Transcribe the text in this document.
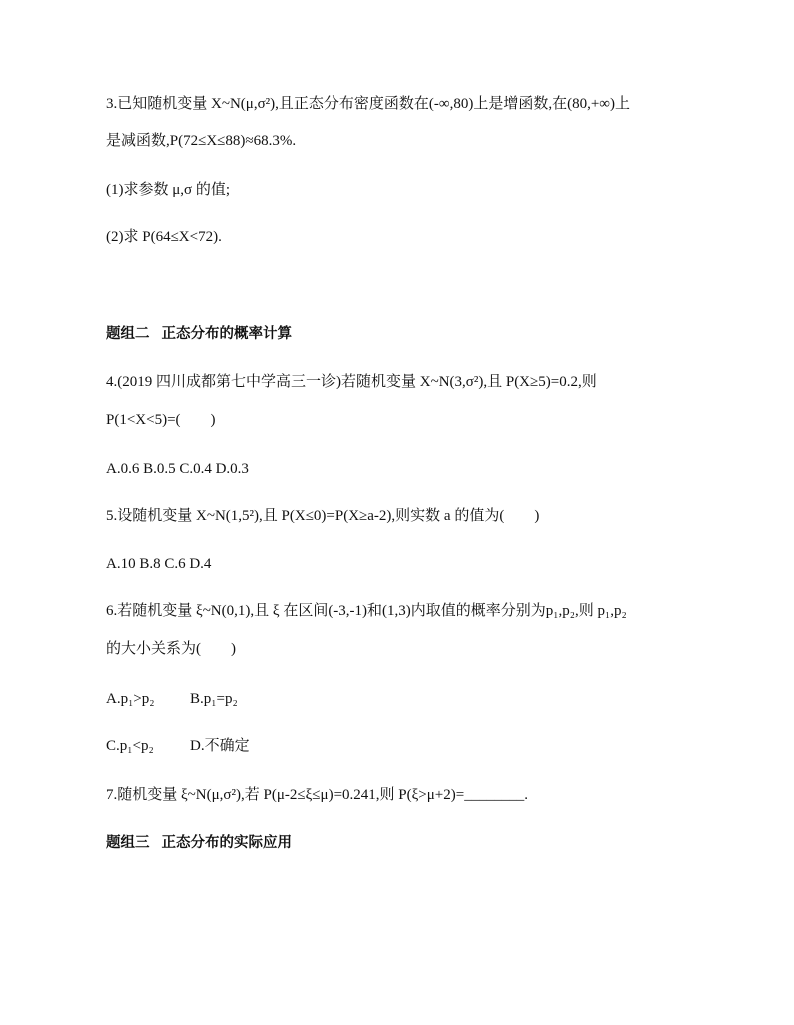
3.已知随机变量 X~N(μ,σ²),且正态分布密度函数在(-∞,80)上是增函数,在(80,+∞)上
是减函数,P(72≤X≤88)≈68.3%.
(1)求参数 μ,σ 的值;
(2)求 P(64≤X<72).
题组二 正态分布的概率计算
4.(2019 四川成都第七中学高三一诊)若随机变量 X~N(3,σ²),且 P(X≥5)=0.2,则
P(1<X<5)=(　　)
A.0.6 B.0.5 C.0.4 D.0.3
5.设随机变量 X~N(1,5²),且 P(X≤0)=P(X≥a-2),则实数 a 的值为(　　)
A.10 B.8 C.6 D.4
6.若随机变量 ξ~N(0,1),且 ξ 在区间(-3,-1)和(1,3)内取值的概率分别为p₁,p₂,则 p₁,p₂
的大小关系为(　　)
A.p₁>p₂ B.p₁=p₂
C.p₁<p₂ D.不确定
7.随机变量 ξ~N(μ,σ²),若 P(μ-2≤ξ≤μ)=0.241,则 P(ξ>μ+2)=________.
题组三 正态分布的实际应用
